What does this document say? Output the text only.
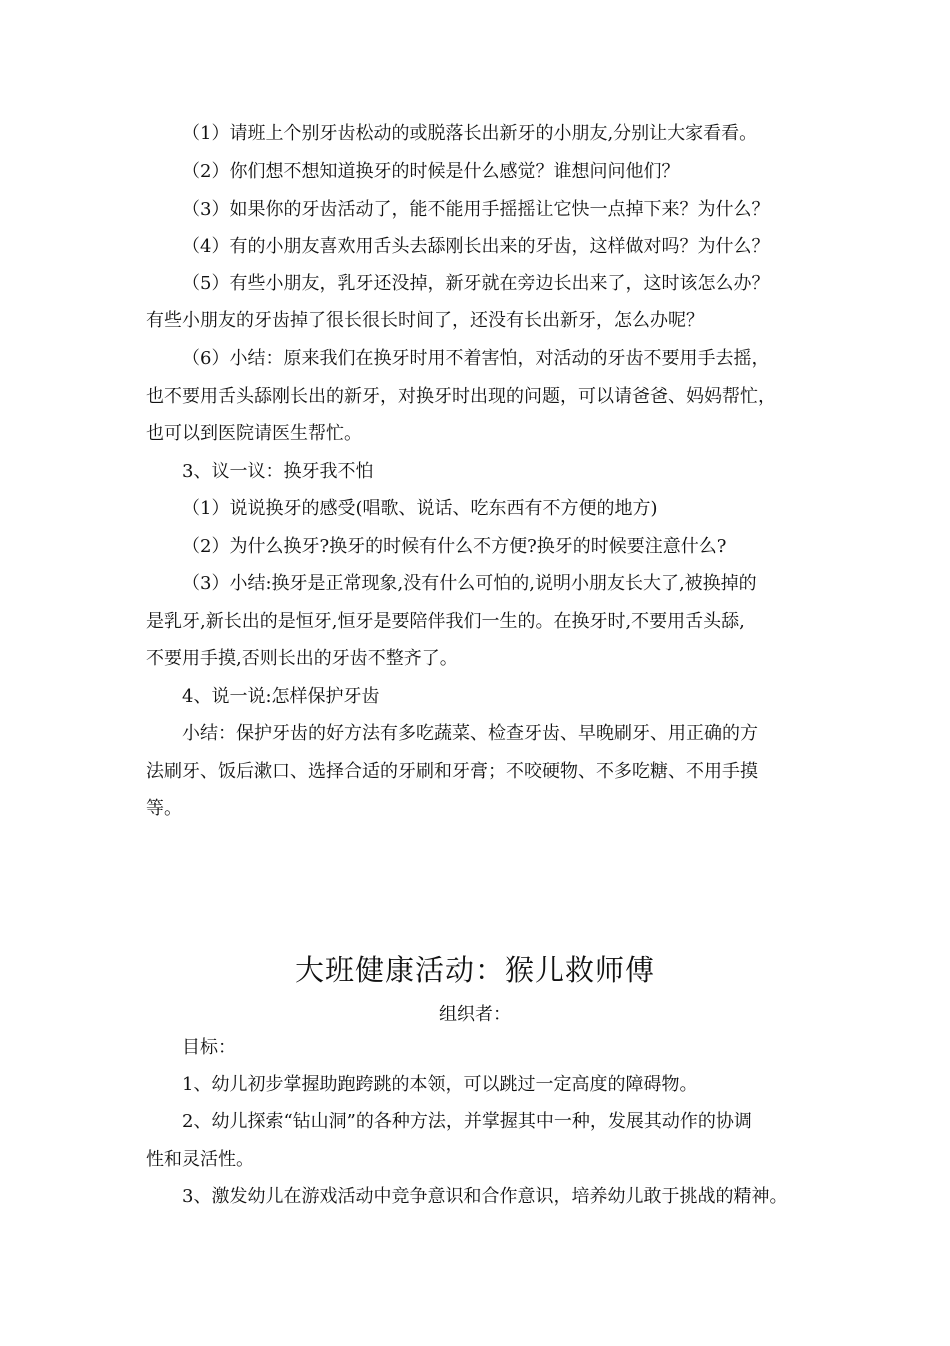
（1）请班上个别牙齿松动的或脱落长出新牙的小朋友,分别让大家看看。
（2）你们想不想知道换牙的时候是什么感觉？谁想问问他们？
（3）如果你的牙齿活动了，能不能用手摇摇让它快一点掉下来？为什么？
（4）有的小朋友喜欢用舌头去舔刚长出来的牙齿，这样做对吗？为什么？
（5）有些小朋友，乳牙还没掉，新牙就在旁边长出来了，这时该怎么办？
有些小朋友的牙齿掉了很长很长时间了，还没有长出新牙，怎么办呢？
（6）小结：原来我们在换牙时用不着害怕，对活动的牙齿不要用手去摇，
也不要用舌头舔刚长出的新牙，对换牙时出现的问题，可以请爸爸、妈妈帮忙，
也可以到医院请医生帮忙。
3、议一议：换牙我不怕
（1）说说换牙的感受(唱歌、说话、吃东西有不方便的地方)
（2）为什么换牙?换牙的时候有什么不方便?换牙的时候要注意什么?
（3）小结:换牙是正常现象,没有什么可怕的,说明小朋友长大了,被换掉的
是乳牙,新长出的是恒牙,恒牙是要陪伴我们一生的。在换牙时,不要用舌头舔,
不要用手摸,否则长出的牙齿不整齐了。
4、说一说:怎样保护牙齿
小结：保护牙齿的好方法有多吃蔬菜、检查牙齿、早晚刷牙、用正确的方
法刷牙、饭后漱口、选择合适的牙刷和牙膏；不咬硬物、不多吃糖、不用手摸
等。
大班健康活动：猴儿救师傅
组织者：
目标：
1、幼儿初步掌握助跑跨跳的本领，可以跳过一定高度的障碍物。
2、幼儿探索“钻山洞”的各种方法，并掌握其中一种，发展其动作的协调
性和灵活性。
3、激发幼儿在游戏活动中竞争意识和合作意识，培养幼儿敢于挑战的精神。
